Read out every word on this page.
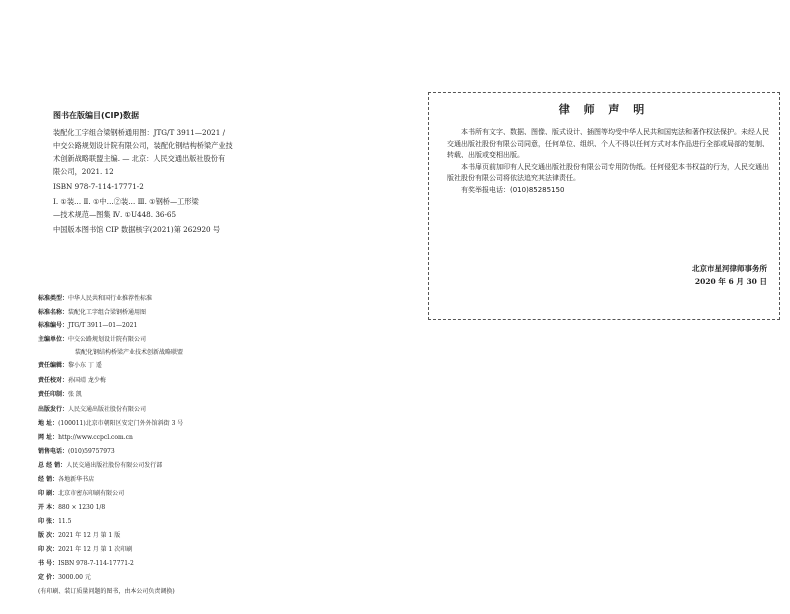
图书在版编目(CIP)数据
装配化工字组合梁钢桥通用图：JTG/T 3911—2021 /
中交公路规划设计院有限公司，装配化钢结构桥梁产业技
术创新战略联盟主编. — 北京：人民交通出版社股份有
限公司，2021. 12
ISBN 978-7-114-17771-2
Ⅰ. ①装… Ⅱ. ①中…②装… Ⅲ. ①钢桥—工形梁
—技术规范—图集 Ⅳ. ①U448. 36-65
中国版本图书馆 CIP 数据核字(2021)第 262920 号
律 师 声 明

本书所有文字、数据、图像、版式设计、插图等均受中华人民共和国宪法和著作权法保护。未经人民交通出版社股份有限公司同意，任何单位、组织、个人不得以任何方式对本作品进行全部或局部的复制、转载、出版或变相出版。

本书扉页前加印有人民交通出版社股份有限公司专用防伪纸。任何侵犯本书权益的行为，人民交通出版社股份有限公司将依法追究其法律责任。

有奖举报电话：(010)85285150

北京市星河律师事务所
2020 年 6 月 30 日
标准类型：中华人民共和国行业推荐性标准
标准名称：装配化工字组合梁钢桥通用图
标准编号：JTG/T 3911—01—2021
主编单位：中交公路规划设计院有限公司
装配化钢结构桥梁产业技术创新战略联盟
责任编辑：黎小东 丁 遥
责任校对：孙国靖 龙少梅
责任印制：张 凯
出版发行：人民交通出版社股份有限公司
地 址：(100011)北京市朝阳区安定门外外馆斜街 3 号
网 址：http://www.ccpcl.com.cn
销售电话：(010)59757973
总 经 销：人民交通出版社股份有限公司发行部
经 销：各地新华书店
印 刷：北京市密东印刷有限公司
开 本：880 × 1230 1/8
印 张：11.5
版 次：2021 年 12 月 第 1 版
印 次：2021 年 12 月 第 1 次印刷
书 号：ISBN 978-7-114-17771-2
定 价：3000.00 元
(有印刷、装订质量问题的图书，由本公司负责调换)
